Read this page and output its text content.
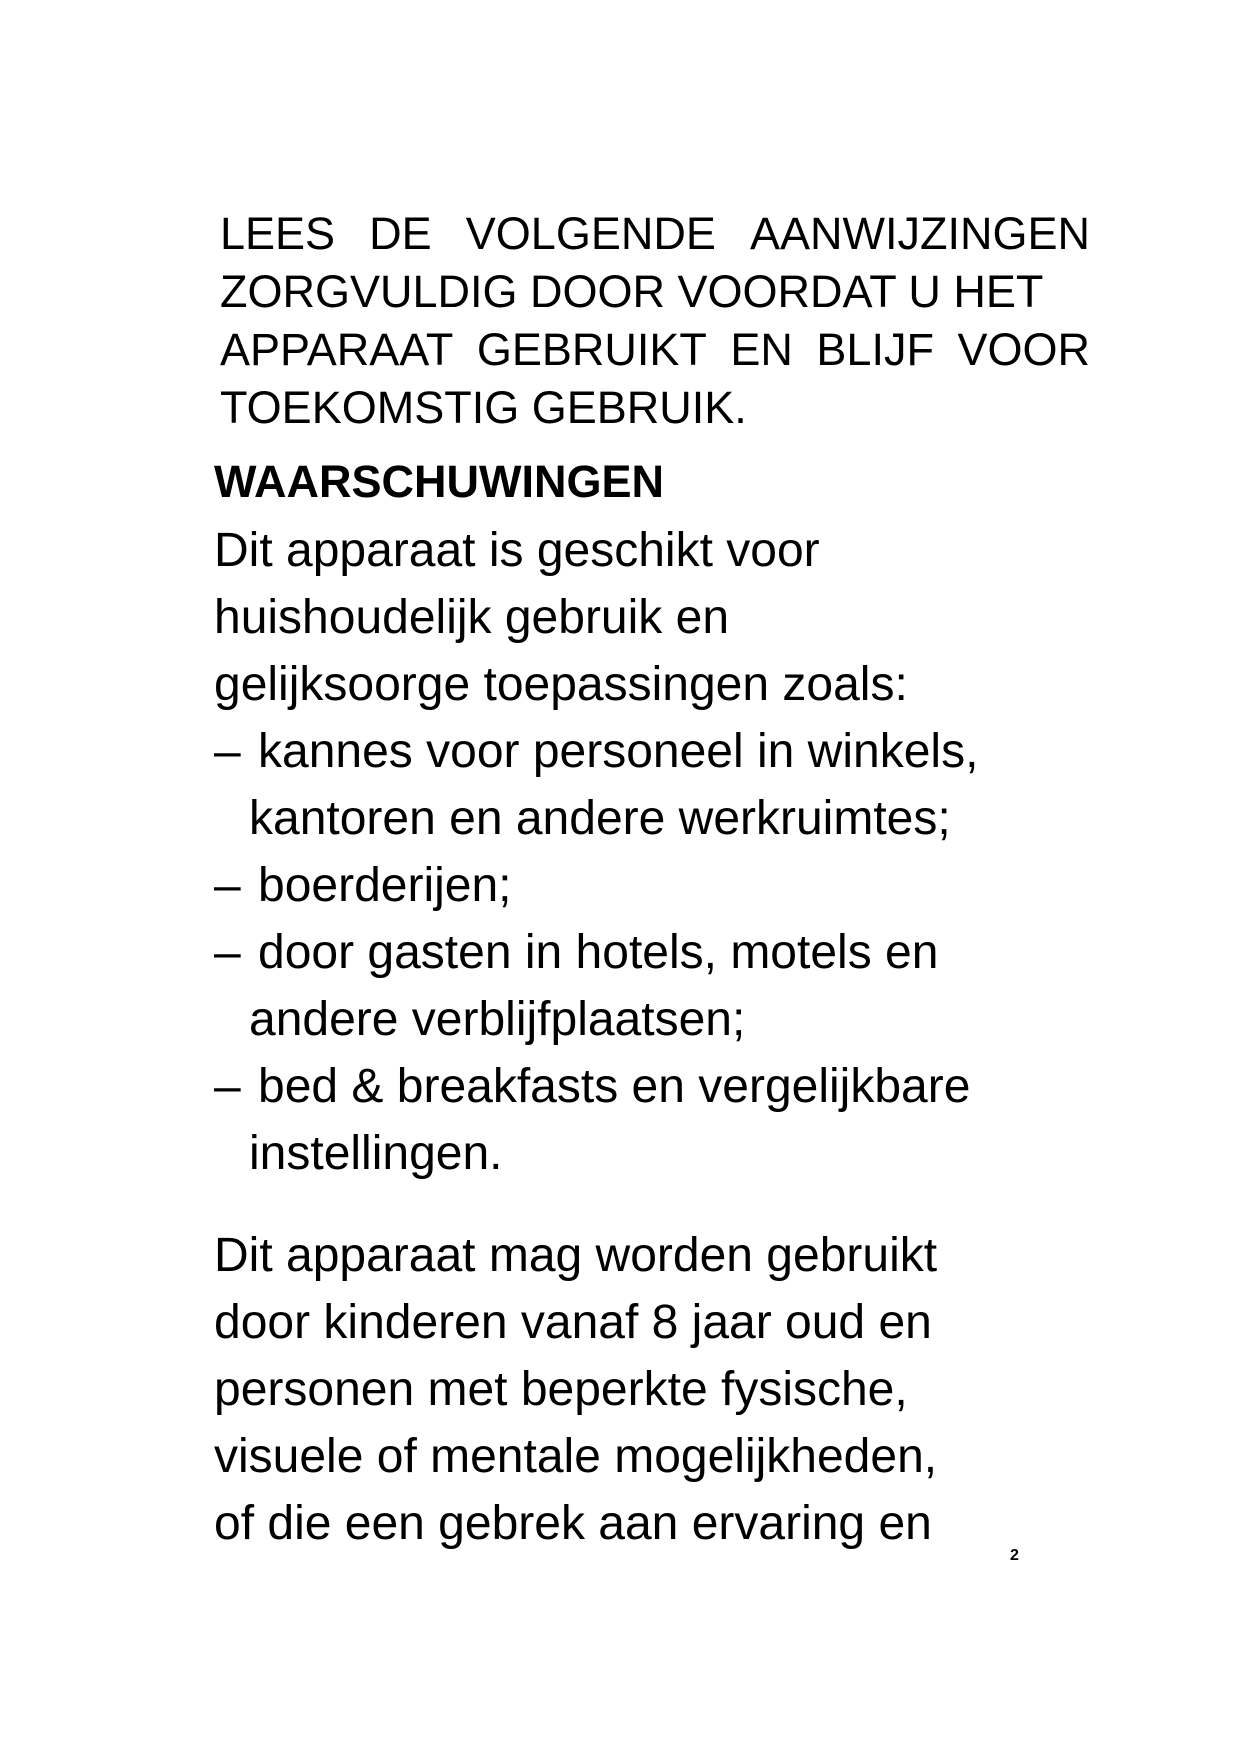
LEES DE VOLGENDE AANWIJZINGEN
ZORGVULDIG DOOR VOORDAT U HET
APPARAAT GEBRUIKT EN BLIJF VOOR
TOEKOMSTIG GEBRUIK.
WAARSCHUWINGEN

Dit apparaat is geschikt voor
huishoudelijk gebruik en
gelijksoorge toepassingen zoals:

– kannes voor personeel in winkels,
kantoren en andere werkruimtes;
– boerderijen;
– door gasten in hotels, motels en
andere verblijfplaatsen;
– bed & breakfasts en vergelijkbare
instellingen.

Dit apparaat mag worden gebruikt
door kinderen vanaf 8 jaar oud en
personen met beperkte fysische,
visuele of mentale mogelijkheden,
of die een gebrek aan ervaring en

2
